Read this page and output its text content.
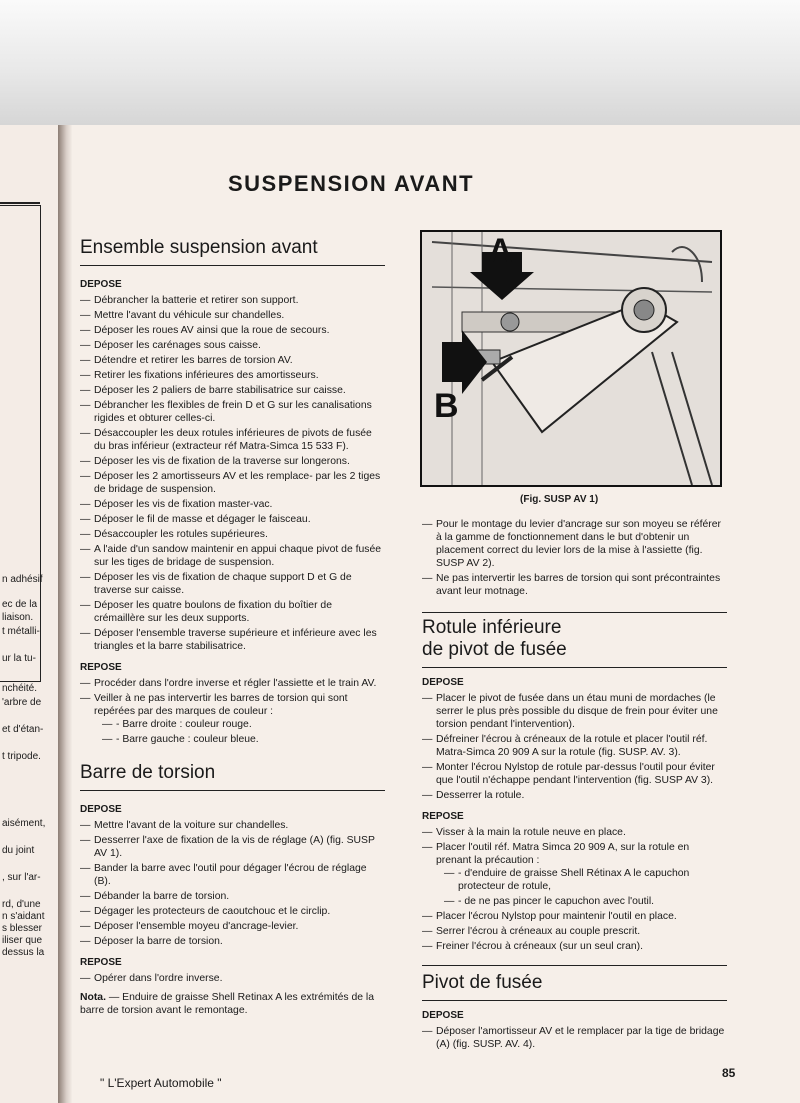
n adhésif
ec de la
liaison.
t métalli-
ur la tu-
nchéité.
'arbre de
et d'étan-
t tripode.
aisément,
du joint
, sur l'ar-
rd, d'une
n s'aidant
s blesser
iliser que
dessus la
SUSPENSION AVANT
Ensemble suspension avant
DEPOSE
— Débrancher la batterie et retirer son support.
— Mettre l'avant du véhicule sur chandelles.
— Déposer les roues AV ainsi que la roue de secours.
— Déposer les carénages sous caisse.
— Détendre et retirer les barres de torsion AV.
— Retirer les fixations inférieures des amortisseurs.
— Déposer les 2 paliers de barre stabilisatrice sur caisse.
— Débrancher les flexibles de frein D et G sur les canalisations rigides et obturer celles-ci.
— Désaccoupler les deux rotules inférieures de pivots de fusée du bras inférieur (extracteur réf Matra-Simca 15 533 F).
— Déposer les vis de fixation de la traverse sur longerons.
— Déposer les 2 amortisseurs AV et les remplace- par les 2 tiges de bridage de suspension.
— Déposer les vis de fixation master-vac.
— Déposer le fil de masse et dégager le faisceau.
— Désaccoupler les rotules supérieures.
— A l'aide d'un sandow maintenir en appui chaque pivot de fusée sur les tiges de bridage de suspension.
— Déposer les vis de fixation de chaque support D et G de traverse sur caisse.
— Déposer les quatre boulons de fixation du boîtier de crémaillère sur les deux supports.
— Déposer l'ensemble traverse supérieure et inférieure avec les triangles et la barre stabilisatrice.
REPOSE
— Procéder dans l'ordre inverse et régler l'assiette et le train AV.
— Veiller à ne pas intervertir les barres de torsion qui sont repérées par des marques de couleur :
— - Barre droite : couleur rouge.
— - Barre gauche : couleur bleue.
Barre de torsion
DEPOSE
— Mettre l'avant de la voiture sur chandelles.
— Desserrer l'axe de fixation de la vis de réglage (A) (fig. SUSP AV 1).
— Bander la barre avec l'outil pour dégager l'écrou de réglage (B).
— Débander la barre de torsion.
— Dégager les protecteurs de caoutchouc et le circlip.
— Déposer l'ensemble moyeu d'ancrage-levier.
— Déposer la barre de torsion.
REPOSE
— Opérer dans l'ordre inverse.
Nota. — Enduire de graisse Shell Retinax A les extrémités de la barre de torsion avant le remontage.
A
B
(Fig. SUSP AV 1)
— Pour le montage du levier d'ancrage sur son moyeu se référer à la gamme de fonctionnement dans le but d'obtenir un placement correct du levier lors de la mise à l'assiette (fig. SUSP AV 2).
— Ne pas intervertir les barres de torsion qui sont précontraintes avant leur motnage.
Rotule inférieure
de pivot de fusée
DEPOSE
— Placer le pivot de fusée dans un étau muni de mordaches (le serrer le plus près possible du disque de frein pour éviter une torsion pendant l'intervention).
— Défreiner l'écrou à créneaux de la rotule et placer l'outil réf. Matra-Simca 20 909 A sur la rotule (fig. SUSP. AV. 3).
— Monter l'écrou Nylstop de rotule par-dessus l'outil pour éviter que l'outil n'échappe pendant l'intervention (fig. SUSP AV 3).
— Desserrer la rotule.
REPOSE
— Visser à la main la rotule neuve en place.
— Placer l'outil réf. Matra Simca 20 909 A, sur la rotule en prenant la précaution :
— - d'enduire de graisse Shell Rétinax A le capuchon protecteur de rotule,
— - de ne pas pincer le capuchon avec l'outil.
— Placer l'écrou Nylstop pour maintenir l'outil en place.
— Serrer l'écrou à créneaux au couple prescrit.
— Freiner l'écrou à créneaux (sur un seul cran).
Pivot de fusée
DEPOSE
— Déposer l'amortisseur AV et le remplacer par la tige de bridage (A) (fig. SUSP. AV. 4).
" L'Expert Automobile "
85
